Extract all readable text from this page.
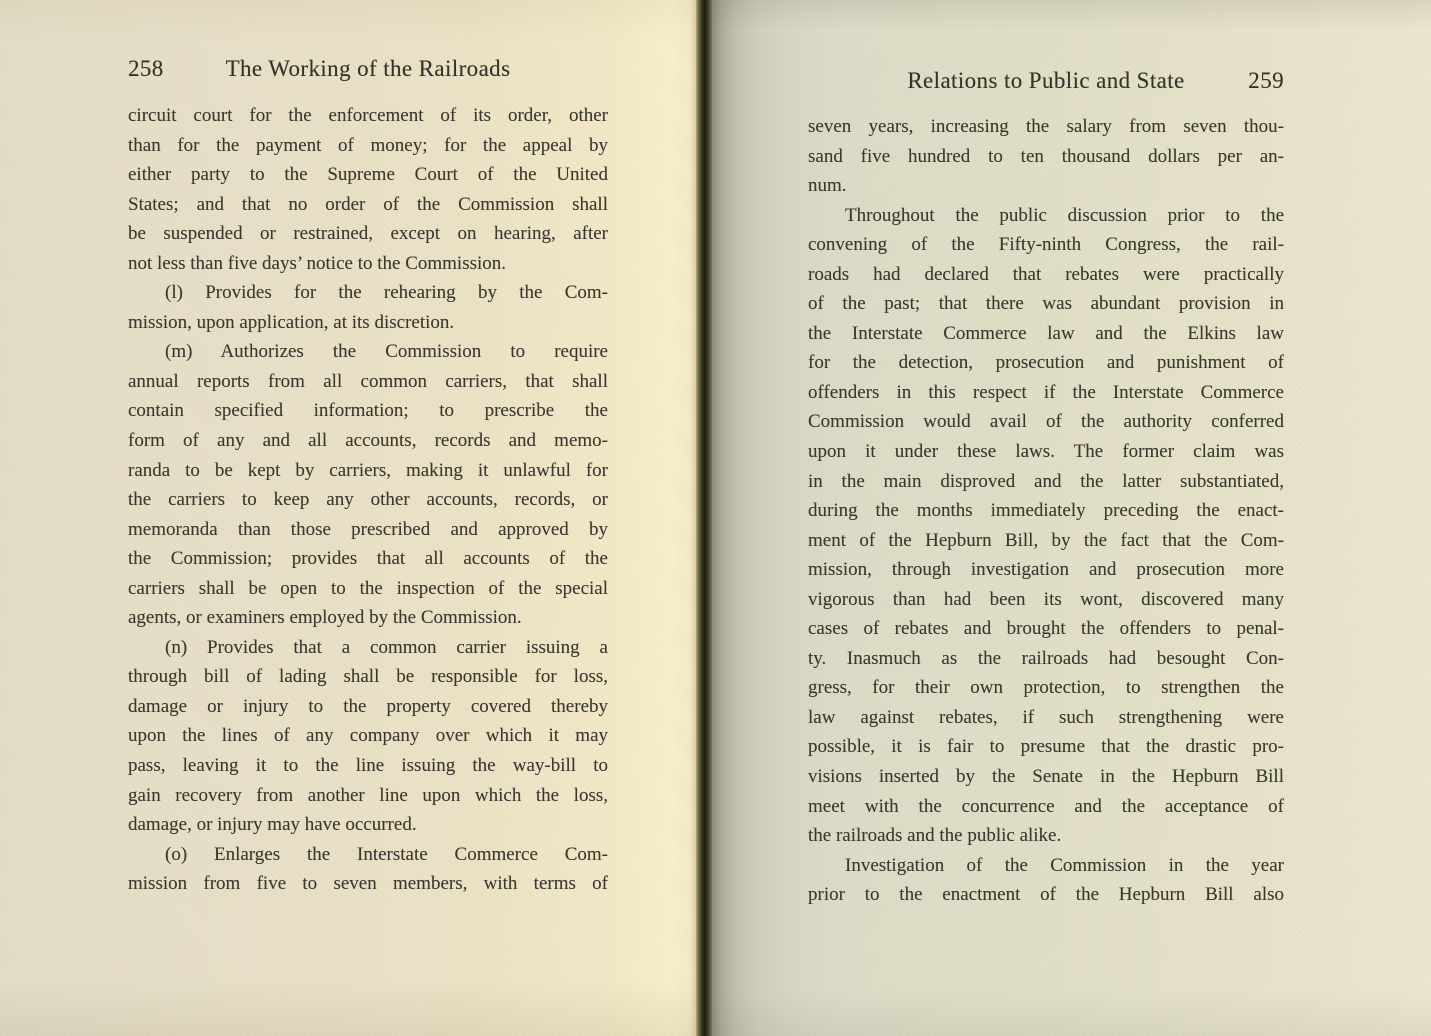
258	The Working of the Railroads
circuit court for the enforcement of its order, other
than for the payment of money; for the appeal by
either party to the Supreme Court of the United
States; and that no order of the Commission shall
be suspended or restrained, except on hearing, after
not less than five days’ notice to the Commission.
(l) Provides for the rehearing by the Com-
mission, upon application, at its discretion.
(m) Authorizes the Commission to require
annual reports from all common carriers, that shall
contain specified information; to prescribe the
form of any and all accounts, records and memo-
randa to be kept by carriers, making it unlawful for
the carriers to keep any other accounts, records, or
memoranda than those prescribed and approved by
the Commission; provides that all accounts of the
carriers shall be open to the inspection of the special
agents, or examiners employed by the Commission.
(n) Provides that a common carrier issuing a
through bill of lading shall be responsible for loss,
damage or injury to the property covered thereby
upon the lines of any company over which it may
pass, leaving it to the line issuing the way-bill to
gain recovery from another line upon which the loss,
damage, or injury may have occurred.
(o) Enlarges the Interstate Commerce Com-
mission from five to seven members, with terms of
Relations to Public and State	259
seven years, increasing the salary from seven thou-
sand five hundred to ten thousand dollars per an-
num.
Throughout the public discussion prior to the
convening of the Fifty-ninth Congress, the rail-
roads had declared that rebates were practically
of the past; that there was abundant provision in
the Interstate Commerce law and the Elkins law
for the detection, prosecution and punishment of
offenders in this respect if the Interstate Commerce
Commission would avail of the authority conferred
upon it under these laws. The former claim was
in the main disproved and the latter substantiated,
during the months immediately preceding the enact-
ment of the Hepburn Bill, by the fact that the Com-
mission, through investigation and prosecution more
vigorous than had been its wont, discovered many
cases of rebates and brought the offenders to penal-
ty. Inasmuch as the railroads had besought Con-
gress, for their own protection, to strengthen the
law against rebates, if such strengthening were
possible, it is fair to presume that the drastic pro-
visions inserted by the Senate in the Hepburn Bill
meet with the concurrence and the acceptance of
the railroads and the public alike.
Investigation of the Commission in the year
prior to the enactment of the Hepburn Bill also
